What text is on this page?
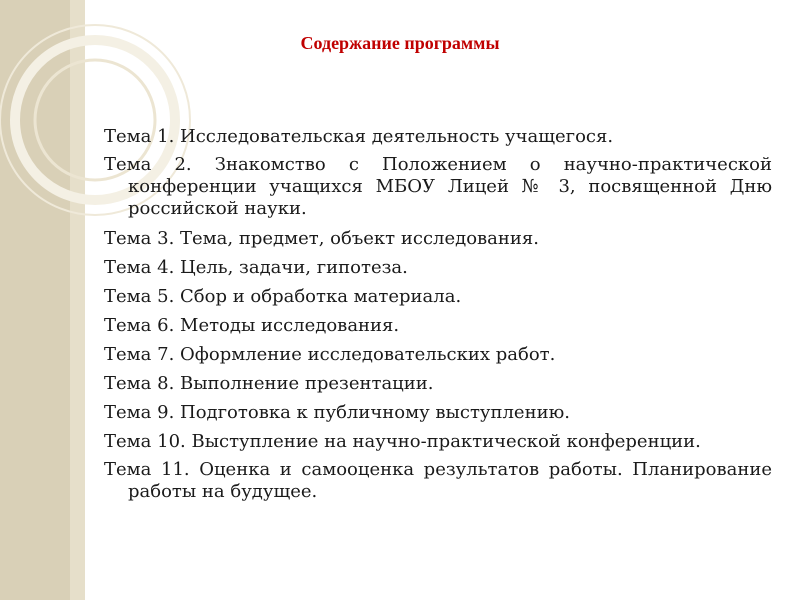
Содержание программы
Тема 1. Исследовательская деятельность учащегося.
Тема 2. Знакомство с Положением о научно-практической конференции учащихся МБОУ Лицей № 3, посвященной Дню российской науки.
Тема 3. Тема, предмет, объект исследования.
Тема 4. Цель, задачи, гипотеза.
Тема 5. Сбор и обработка материала.
Тема 6. Методы исследования.
Тема 7. Оформление исследовательских работ.
Тема 8. Выполнение презентации.
Тема 9. Подготовка к публичному выступлению.
Тема 10. Выступление на научно-практической конференции.
Тема 11. Оценка и самооценка результатов работы. Планирование работы на будущее.
